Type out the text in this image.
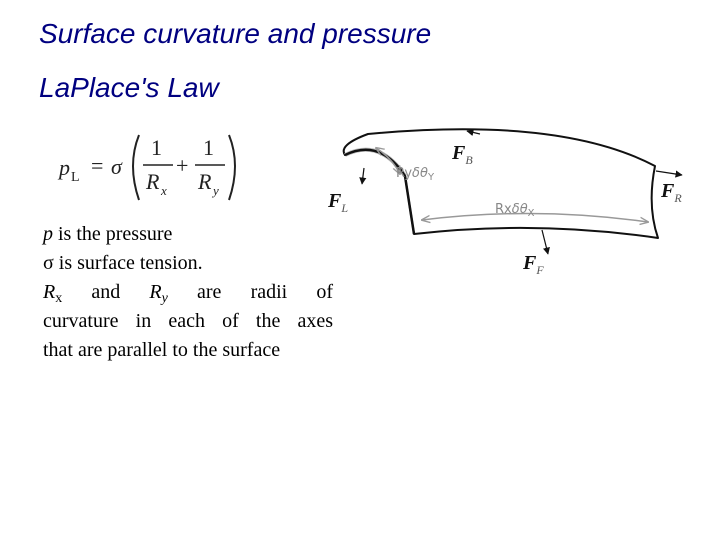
Surface curvature and pressure
LaPlace's Law
p L = σ
1
R x
+
1
R y
p is the pressure
σ is surface tension.
$R_x$ and $R_y$ are radii of
curvature in each of the axes
that are parallel to the surface
Ryδθ$_Y$
Rxδθ$_X$
$F_B$
$F_L$
$F_R$
$F_F$
